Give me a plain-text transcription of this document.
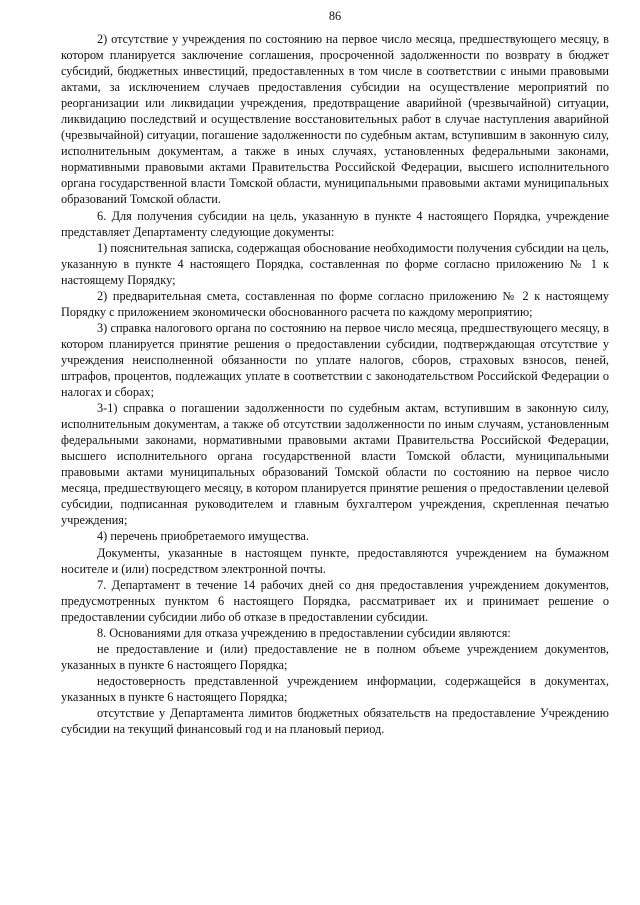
86

2) отсутствие у учреждения по состоянию на первое число месяца, предшествующего месяцу, в котором планируется заключение соглашения, просроченной задолженности по возврату в бюджет субсидий, бюджетных инвестиций, предоставленных в том числе в соответствии с иными правовыми актами, за исключением случаев предоставления субсидии на осуществление мероприятий по реорганизации или ликвидации учреждения, предотвращение аварийной (чрезвычайной) ситуации, ликвидацию последствий и осуществление восстановительных работ в случае наступления аварийной (чрезвычайной) ситуации, погашение задолженности по судебным актам, вступившим в законную силу, исполнительным документам, а также в иных случаях, установленных федеральными законами, нормативными правовыми актами Правительства Российской Федерации, высшего исполнительного органа государственной власти Томской области, муниципальными правовыми актами муниципальных образований Томской области.

6. Для получения субсидии на цель, указанную в пункте 4 настоящего Порядка, учреждение представляет Департаменту следующие документы:

1) пояснительная записка, содержащая обоснование необходимости получения субсидии на цель, указанную в пункте 4 настоящего Порядка, составленная по форме согласно приложению № 1 к настоящему Порядку;

2) предварительная смета, составленная по форме согласно приложению № 2 к настоящему Порядку с приложением экономически обоснованного расчета по каждому мероприятию;

3) справка налогового органа по состоянию на первое число месяца, предшествующего месяцу, в котором планируется принятие решения о предоставлении субсидии, подтверждающая отсутствие у учреждения неисполненной обязанности по уплате налогов, сборов, страховых взносов, пеней, штрафов, процентов, подлежащих уплате в соответствии с законодательством Российской Федерации о налогах и сборах;

3-1) справка о погашении задолженности по судебным актам, вступившим в законную силу, исполнительным документам, а также об отсутствии задолженности по иным случаям, установленным федеральными законами, нормативными правовыми актами Правительства Российской Федерации, высшего исполнительного органа государственной власти Томской области, муниципальными правовыми актами муниципальных образований Томской области по состоянию на первое число месяца, предшествующего месяцу, в котором планируется принятие решения о предоставлении целевой субсидии, подписанная руководителем и главным бухгалтером учреждения, скрепленная печатью учреждения;

4) перечень приобретаемого имущества.

Документы, указанные в настоящем пункте, предоставляются учреждением на бумажном носителе и (или) посредством электронной почты.

7. Департамент в течение 14 рабочих дней со дня предоставления учреждением документов, предусмотренных пунктом 6 настоящего Порядка, рассматривает их и принимает решение о предоставлении субсидии либо об отказе в предоставлении субсидии.

8. Основаниями для отказа учреждению в предоставлении субсидии являются:

не предоставление и (или) предоставление не в полном объеме учреждением документов, указанных в пункте 6 настоящего Порядка;

недостоверность представленной учреждением информации, содержащейся в документах, указанных в пункте 6 настоящего Порядка;

отсутствие у Департамента лимитов бюджетных обязательств на предоставление Учреждению субсидии на текущий финансовый год и на плановый период.
